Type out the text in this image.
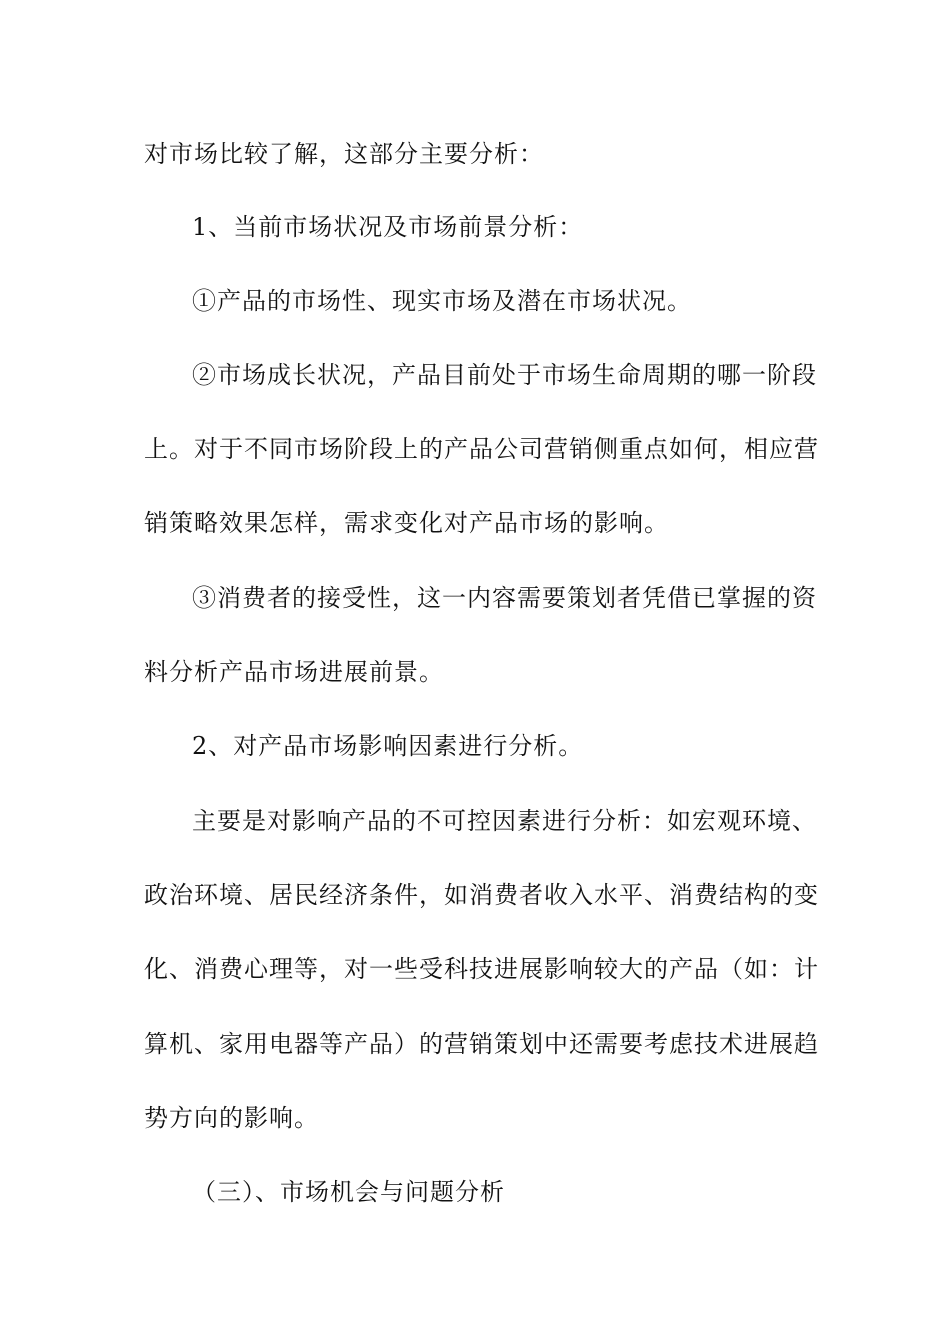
对市场比较了解，这部分主要分析：
1、当前市场状况及市场前景分析：
①产品的市场性、现实市场及潜在市场状况。
②市场成长状况，产品目前处于市场生命周期的哪一阶段
上。对于不同市场阶段上的产品公司营销侧重点如何，相应营
销策略效果怎样，需求变化对产品市场的影响。
③消费者的接受性，这一内容需要策划者凭借已掌握的资
料分析产品市场进展前景。
2、对产品市场影响因素进行分析。
主要是对影响产品的不可控因素进行分析：如宏观环境、
政治环境、居民经济条件，如消费者收入水平、消费结构的变
化、消费心理等，对一些受科技进展影响较大的产品（如：计
算机、家用电器等产品）的营销策划中还需要考虑技术进展趋
势方向的影响。
（三）、市场机会与问题分析
